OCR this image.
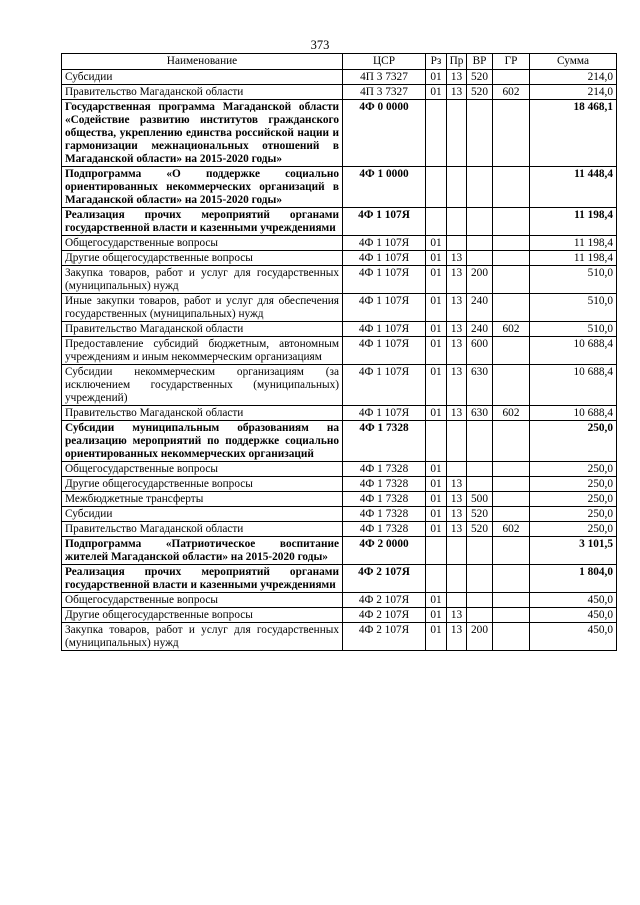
373
Наименование	ЦСР	Рз	Пр	ВР	ГР	Сумма
Субсидии	4П 3 7327	01	13	520		214,0
Правительство Магаданской области	4П 3 7327	01	13	520	602	214,0
Государственная программа Магаданской области «Содействие развитию институтов гражданского общества, укреплению единства российской нации и гармонизации межнациональных отношений в Магаданской области» на 2015-2020 годы»	4Ф 0 0000					18 468,1
Подпрограмма «О поддержке социально ориентированных некоммерческих организаций в Магаданской области» на 2015-2020 годы»	4Ф 1 0000					11 448,4
Реализация прочих мероприятий органами государственной власти и казенными учреждениями	4Ф 1 107Я					11 198,4
Общегосударственные вопросы	4Ф 1 107Я	01				11 198,4
Другие общегосударственные вопросы	4Ф 1 107Я	01	13			11 198,4
Закупка товаров, работ и услуг для государственных (муниципальных) нужд	4Ф 1 107Я	01	13	200		510,0
Иные закупки товаров, работ и услуг для обеспечения государственных (муниципальных) нужд	4Ф 1 107Я	01	13	240		510,0
Правительство Магаданской области	4Ф 1 107Я	01	13	240	602	510,0
Предоставление субсидий бюджетным, автономным учреждениям и иным некоммерческим организациям	4Ф 1 107Я	01	13	600		10 688,4
Субсидии некоммерческим организациям (за исключением государственных (муниципальных) учреждений)	4Ф 1 107Я	01	13	630		10 688,4
Правительство Магаданской области	4Ф 1 107Я	01	13	630	602	10 688,4
Субсидии муниципальным образованиям на реализацию мероприятий по поддержке социально ориентированных некоммерческих организаций	4Ф 1 7328					250,0
Общегосударственные вопросы	4Ф 1 7328	01				250,0
Другие общегосударственные вопросы	4Ф 1 7328	01	13			250,0
Межбюджетные трансферты	4Ф 1 7328	01	13	500		250,0
Субсидии	4Ф 1 7328	01	13	520		250,0
Правительство Магаданской области	4Ф 1 7328	01	13	520	602	250,0
Подпрограмма «Патриотическое воспитание жителей Магаданской области» на 2015-2020 годы»	4Ф 2 0000					3 101,5
Реализация прочих мероприятий органами государственной власти и казенными учреждениями	4Ф 2 107Я					1 804,0
Общегосударственные вопросы	4Ф 2 107Я	01				450,0
Другие общегосударственные вопросы	4Ф 2 107Я	01	13			450,0
Закупка товаров, работ и услуг для государственных (муниципальных) нужд	4Ф 2 107Я	01	13	200		450,0
